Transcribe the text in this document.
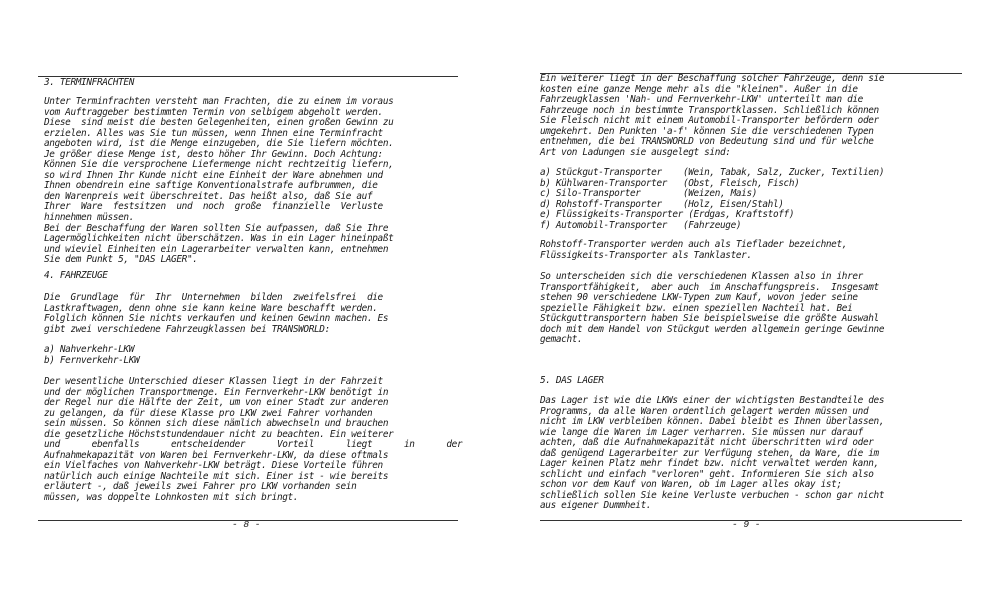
3. TERMINFRACHTEN
Unter Terminfrachten versteht man Frachten, die zu einem im voraus
vom Auftraggeber bestimmten Termin von selbigem abgeholt werden.
Diese  sind meist die besten Gelegenheiten, einen großen Gewinn zu
erzielen. Alles was Sie tun müssen, wenn Ihnen eine Terminfracht
angeboten wird, ist die Menge einzugeben, die Sie liefern möchten.
Je größer diese Menge ist, desto höher Ihr Gewinn. Doch Achtung:
Können Sie die versprochene Liefermenge nicht rechtzeitig liefern,
so wird Ihnen Ihr Kunde nicht eine Einheit der Ware abnehmen und
Ihnen obendrein eine saftige Konventionalstrafe aufbrummen, die
den Warenpreis weit überschreitet. Das heißt also, daß Sie auf
Ihrer  Ware  festsitzen  und  noch  große  finanzielle  Verluste
hinnehmen müssen.
Bei der Beschaffung der Waren sollten Sie aufpassen, daß Sie Ihre
Lagermöglichkeiten nicht überschätzen. Was in ein Lager hineinpaßt
und wieviel Einheiten ein Lagerarbeiter verwalten kann, entnehmen
Sie dem Punkt 5, "DAS LAGER".
4. FAHRZEUGE
Die  Grundlage  für  Ihr  Unternehmen  bilden  zweifelsfrei  die
Lastkraftwagen, denn ohne sie kann keine Ware beschafft werden.
Folglich können Sie nichts verkaufen und keinen Gewinn machen. Es
gibt zwei verschiedene Fahrzeugklassen bei TRANSWORLD:
a) Nahverkehr-LKW
b) Fernverkehr-LKW
Der wesentliche Unterschied dieser Klassen liegt in der Fahrzeit
und der möglichen Transportmenge. Ein Fernverkehr-LKW benötigt in
der Regel nur die Hälfte der Zeit, um von einer Stadt zur anderen
zu gelangen, da für diese Klasse pro LKW zwei Fahrer vorhanden
sein müssen. So können sich diese nämlich abwechseln und brauchen
die gesetzliche Höchststundendauer nicht zu beachten. Ein weiterer
und      ebenfalls      entscheidender      Vorteil      liegt      in      der
Aufnahmekapazität von Waren bei Fernverkehr-LKW, da diese oftmals
ein Vielfaches von Nahverkehr-LKW beträgt. Diese Vorteile führen
natürlich auch einige Nachteile mit sich. Einer ist - wie bereits
erläutert -, daß jeweils zwei Fahrer pro LKW vorhanden sein
müssen, was doppelte Lohnkosten mit sich bringt.
- 8 -
Ein weiterer liegt in der Beschaffung solcher Fahrzeuge, denn sie
kosten eine ganze Menge mehr als die "kleinen". Außer in die
Fahrzeugklassen 'Nah- und Fernverkehr-LKW' unterteilt man die
Fahrzeuge noch in bestimmte Transportklassen. Schließlich können
Sie Fleisch nicht mit einem Automobil-Transporter befördern oder
umgekehrt. Den Punkten 'a-f' können Sie die verschiedenen Typen
entnehmen, die bei TRANSWORLD von Bedeutung sind und für welche
Art von Ladungen sie ausgelegt sind:
a) Stückgut-Transporter    (Wein, Tabak, Salz, Zucker, Textilien)
b) Kühlwaren-Transporter   (Obst, Fleisch, Fisch)
c) Silo-Transporter        (Weizen, Mais)
d) Rohstoff-Transporter    (Holz, Eisen/Stahl)
e) Flüssigkeits-Transporter (Erdgas, Kraftstoff)
f) Automobil-Transporter   (Fahrzeuge)
Rohstoff-Transporter werden auch als Tieflader bezeichnet,
Flüssigkeits-Transporter als Tanklaster.
So unterscheiden sich die verschiedenen Klassen also in ihrer
Transportfähigkeit,  aber auch  im Anschaffungspreis.  Insgesamt
stehen 90 verschiedene LKW-Typen zum Kauf, wovon jeder seine
spezielle Fähigkeit bzw. einen speziellen Nachteil hat. Bei
Stückguttransportern haben Sie beispielsweise die größte Auswahl
doch mit dem Handel von Stückgut werden allgemein geringe Gewinne
gemacht.
5. DAS LAGER
Das Lager ist wie die LKWs einer der wichtigsten Bestandteile des
Programms, da alle Waren ordentlich gelagert werden müssen und
nicht im LKW verbleiben können. Dabei bleibt es Ihnen überlassen,
wie lange die Waren im Lager verharren. Sie müssen nur darauf
achten, daß die Aufnahmekapazität nicht überschritten wird oder
daß genügend Lagerarbeiter zur Verfügung stehen, da Ware, die im
Lager keinen Platz mehr findet bzw. nicht verwaltet werden kann,
schlicht und einfach "verloren" geht. Informieren Sie sich also
schon vor dem Kauf von Waren, ob im Lager alles okay ist;
schließlich sollen Sie keine Verluste verbuchen - schon gar nicht
aus eigener Dummheit.
- 9 -
